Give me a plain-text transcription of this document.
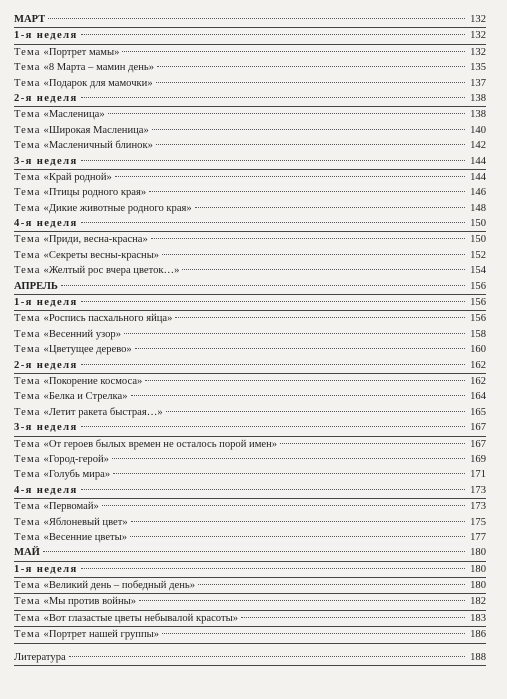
МАРТ	132
1-я неделя	132
Тема «Портрет мамы»	132
Тема «8 Марта – мамин день»	135
Тема «Подарок для мамочки»	137
2-я неделя	138
Тема «Масленица»	138
Тема «Широкая Масленица»	140
Тема «Масленичный блинок»	142
3-я неделя	144
Тема «Край родной»	144
Тема «Птицы родного края»	146
Тема «Дикие животные родного края»	148
4-я неделя	150
Тема «Приди, весна-красна»	150
Тема «Секреты весны-красны»	152
Тема «Желтый рос вчера цветок…»	154
АПРЕЛЬ	156
1-я неделя	156
Тема «Роспись пасхального яйца»	156
Тема «Весенний узор»	158
Тема «Цветущее дерево»	160
2-я неделя	162
Тема «Покорение космоса»	162
Тема «Белка и Стрелка»	164
Тема «Летит ракета быстрая…»	165
3-я неделя	167
Тема «От героев былых времен не осталось порой имен»	167
Тема «Город-герой»	169
Тема «Голубь мира»	171
4-я неделя	173
Тема «Первомай»	173
Тема «Яблоневый цвет»	175
Тема «Весенние цветы»	177
МАЙ	180
1-я неделя	180
Тема «Великий день – победный день»	180
Тема «Мы против войны»	182
Тема «Вот глазастые цветы небывалой красоты»	183
Тема «Портрет нашей группы»	186
Литература	188
